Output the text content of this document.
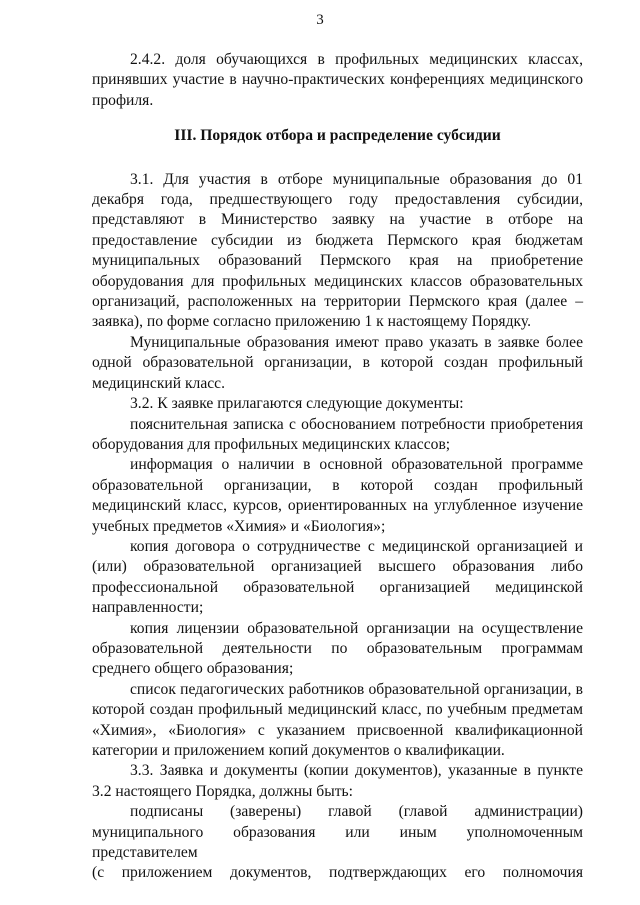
3

2.4.2. доля обучающихся в профильных медицинских классах, принявших участие в научно-практических конференциях медицинского профиля.

III. Порядок отбора и распределение субсидии

3.1. Для участия в отборе муниципальные образования до 01 декабря года, предшествующего году предоставления субсидии, представляют в Министерство заявку на участие в отборе на предоставление субсидии из бюджета Пермского края бюджетам муниципальных образований Пермского края на приобретение оборудования для профильных медицинских классов образовательных организаций, расположенных на территории Пермского края (далее – заявка), по форме согласно приложению 1 к настоящему Порядку.

Муниципальные образования имеют право указать в заявке более одной образовательной организации, в которой создан профильный медицинский класс.

3.2. К заявке прилагаются следующие документы:

пояснительная записка с обоснованием потребности приобретения оборудования для профильных медицинских классов;

информация о наличии в основной образовательной программе образовательной организации, в которой создан профильный медицинский класс, курсов, ориентированных на углубленное изучение учебных предметов «Химия» и «Биология»;

копия договора о сотрудничестве с медицинской организацией и (или) образовательной организацией высшего образования либо профессиональной образовательной организацией медицинской направленности;

копия лицензии образовательной организации на осуществление образовательной деятельности по образовательным программам среднего общего образования;

список педагогических работников образовательной организации, в которой создан профильный медицинский класс, по учебным предметам «Химия», «Биология» с указанием присвоенной квалификационной категории и приложением копий документов о квалификации.

3.3. Заявка и документы (копии документов), указанные в пункте 3.2 настоящего Порядка, должны быть:

подписаны (заверены) главой (главой администрации) муниципального образования или иным уполномоченным представителем

(с приложением документов, подтверждающих его полномочия
